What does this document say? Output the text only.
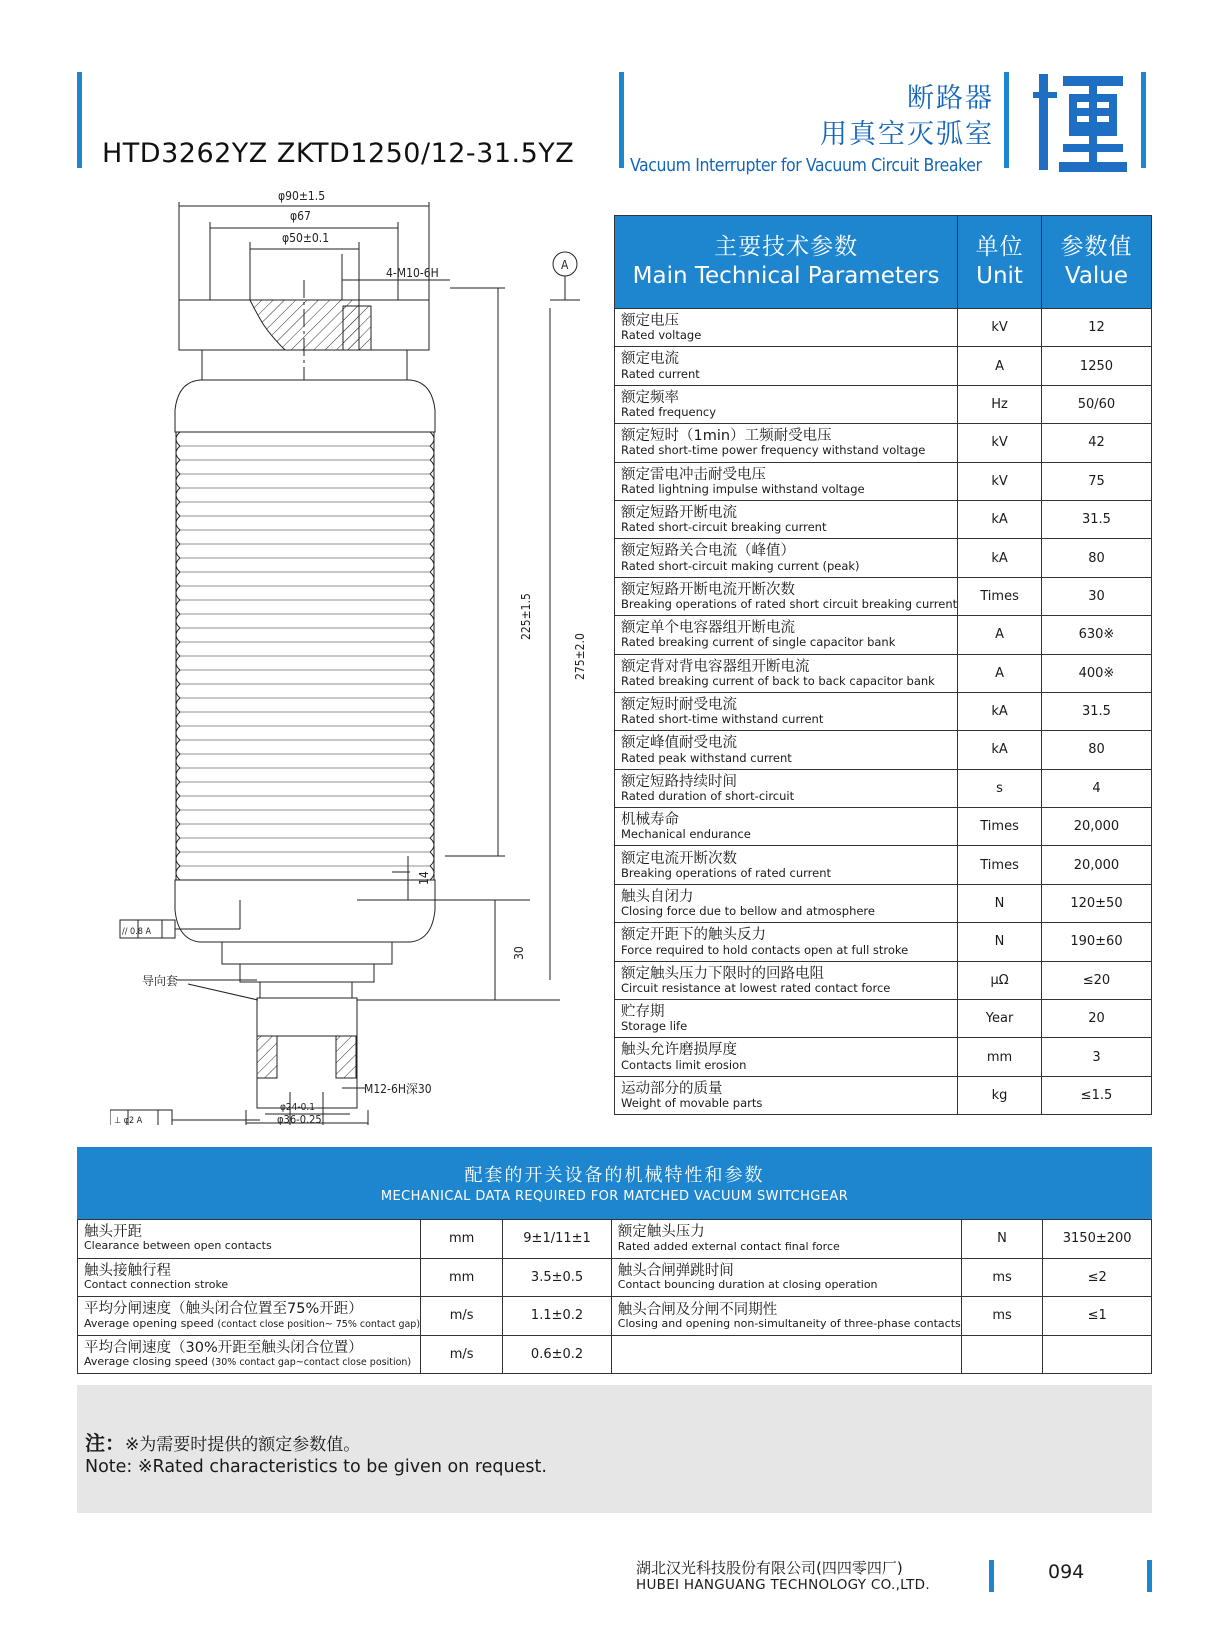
HTD3262YZ ZKTD1250/12-31.5YZ
断路器
用真空灭弧室
Vacuum Interrupter for Vacuum Circuit Breaker
φ90±1.5
φ67
φ50±0.1
4-M10-6H
A
225±1.5
275±2.0
14
30
// 0.8 A
导向套
M12-6H深30
φ24-0.1
φ36-0.25
⊥ φ2 A
主要技术参数
Main Technical Parameters	单位
Unit	参数值
Value

额定电压
Rated voltage	kV	12

额定电流
Rated current	A	1250

额定频率
Rated frequency	Hz	50/60

额定短时（1min）工频耐受电压
Rated short-time power frequency withstand voltage	kV	42

额定雷电冲击耐受电压
Rated lightning impulse withstand voltage	kV	75

额定短路开断电流
Rated short-circuit breaking current	kA	31.5

额定短路关合电流（峰值）
Rated short-circuit making current (peak)	kA	80

额定短路开断电流开断次数
Breaking operations of rated short circuit breaking current	Times	30

额定单个电容器组开断电流
Rated breaking current of single capacitor bank	A	630※

额定背对背电容器组开断电流
Rated breaking current of back to back capacitor bank	A	400※

额定短时耐受电流
Rated short-time withstand current	kA	31.5

额定峰值耐受电流
Rated peak withstand current	kA	80

额定短路持续时间
Rated duration of short-circuit	s	4

机械寿命
Mechanical endurance	Times	20,000

额定电流开断次数
Breaking operations of rated current	Times	20,000

触头自闭力
Closing force due to bellow and atmosphere	N	120±50

额定开距下的触头反力
Force required to hold contacts open at full stroke	N	190±60

额定触头压力下限时的回路电阻
Circuit resistance at lowest rated contact force	μΩ	≤20

贮存期
Storage life	Year	20

触头允许磨损厚度
Contacts limit erosion	mm	3

运动部分的质量
Weight of movable parts	kg	≤1.5
配套的开关设备的机械特性和参数
MECHANICAL DATA REQUIRED FOR MATCHED VACUUM SWITCHGEAR
触头开距
Clearance between open contacts	mm	9±1/11±1	额定触头压力
Rated added external contact final force	N	3150±200

触头接触行程
Contact connection stroke	mm	3.5±0.5	触头合闸弹跳时间
Contact bouncing duration at closing operation	ms	≤2

平均分闸速度（触头闭合位置至75%开距）
Average opening speed (contact close position~ 75% contact gap)	m/s	1.1±0.2	触头合闸及分闸不同期性
Closing and opening non-simultaneity of three-phase contacts	ms	≤1

平均合闸速度（30%开距至触头闭合位置）
Average closing speed (30% contact gap~contact close position)	m/s	0.6±0.2	

注：※为需要时提供的额定参数值。
Note: ※Rated characteristics to be given on request.
湖北汉光科技股份有限公司(四四零四厂)
HUBEI HANGUANG TECHNOLOGY CO.,LTD.
094
